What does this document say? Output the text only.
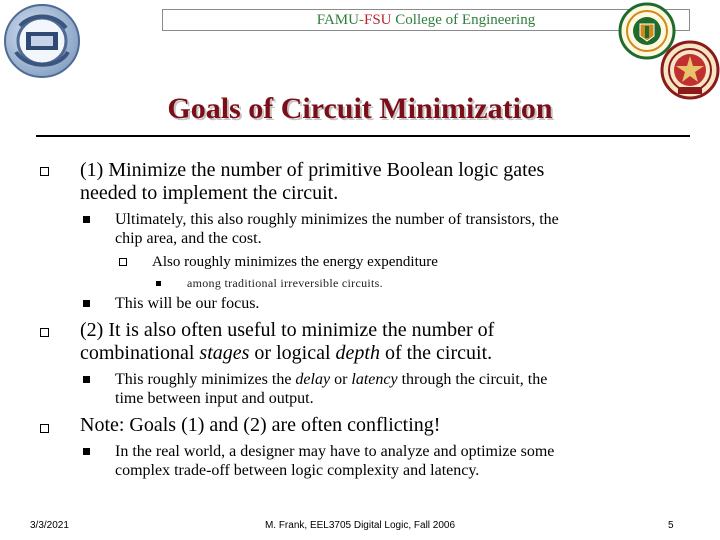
FAMU-FSU College of Engineering
Goals of Circuit Minimization
(1) Minimize the number of primitive Boolean logic gates
needed to implement the circuit.
Ultimately, this also roughly minimizes the number of transistors, the
chip area, and the cost.
Also roughly minimizes the energy expenditure
among traditional irreversible circuits.
This will be our focus.
(2) It is also often useful to minimize the number of
combinational stages or logical depth of the circuit.
This roughly minimizes the delay or latency through the circuit, the
time between input and output.
Note: Goals (1) and (2) are often conflicting!
In the real world, a designer may have to analyze and optimize some
complex trade-off between logic complexity and latency.
3/3/2021	M. Frank, EEL3705 Digital Logic, Fall 2006	5
